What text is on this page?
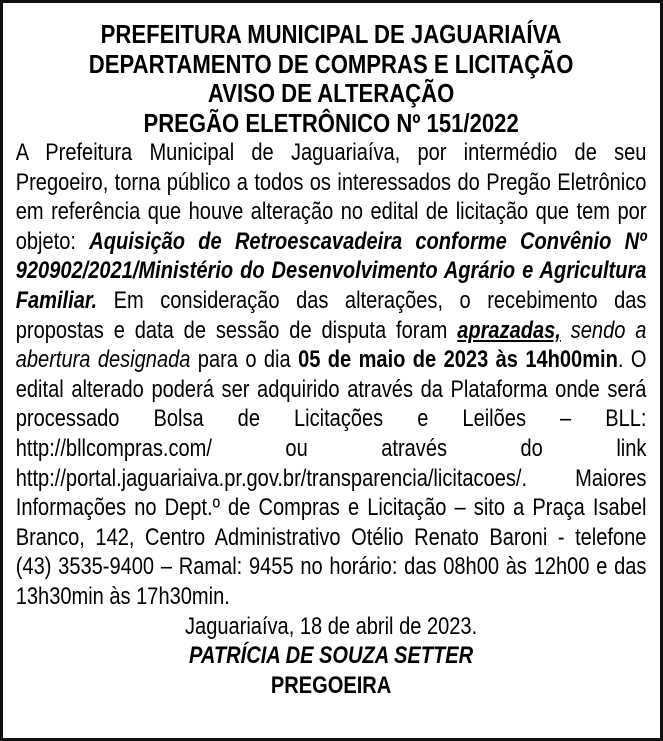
PREFEITURA MUNICIPAL DE JAGUARIAÍVA
DEPARTAMENTO DE COMPRAS E LICITAÇÃO
AVISO DE ALTERAÇÃO
PREGÃO ELETRÔNICO Nº 151/2022

A Prefeitura Municipal de Jaguariaíva, por intermédio de seu Pregoeiro, torna público a todos os interessados do Pregão Eletrônico em referência que houve alteração no edital de licitação que tem por objeto: Aquisição de Retroescavadeira conforme Convênio Nº 920902/2021/Ministério do Desenvolvimento Agrário e Agricultura Familiar. Em consideração das alterações, o recebimento das propostas e data de sessão de disputa foram aprazadas, sendo a abertura designada para o dia 05 de maio de 2023 às 14h00min. O edital alterado poderá ser adquirido através da Plataforma onde será processado Bolsa de Licitações e Leilões – BLL: http://bllcompras.com/ ou através do link http://portal.jaguariaiva.pr.gov.br/transparencia/licitacoes/. Maiores Informações no Dept.º de Compras e Licitação – sito a Praça Isabel Branco, 142, Centro Administrativo Otélio Renato Baroni - telefone (43) 3535-9400 – Ramal: 9455 no horário: das 08h00 às 12h00 e das 13h30min às 17h30min.

Jaguariaíva, 18 de abril de 2023.
PATRÍCIA DE SOUZA SETTER
PREGOEIRA
